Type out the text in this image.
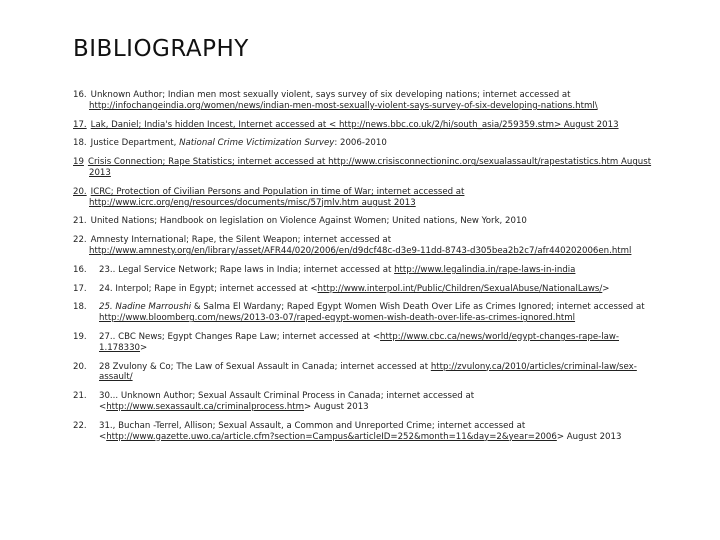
BIBLIOGRAPHY
16. Unknown Author; Indian men most sexually violent, says survey of six developing nations; internet accessed at http://infochangeindia.org/women/news/indian-men-most-sexually-violent-says-survey-of-six-developing-nations.html\
17. Lak, Daniel; India's hidden Incest, Internet accessed at < http://news.bbc.co.uk/2/hi/south_asia/259359.stm> August 2013
18. Justice Department, National Crime Victimization Survey: 2006-2010
19 Crisis Connection; Rape Statistics; internet accessed at http://www.crisisconnectioninc.org/sexualassault/rapestatistics.htm August 2013
20. ICRC; Protection of Civilian Persons and Population in time of War; internet accessed at http://www.icrc.org/eng/resources/documents/misc/57jmlv.htm august 2013
21. United Nations; Handbook on legislation on Violence Against Women; United nations, New York, 2010
22. Amnesty International; Rape, the Silent Weapon; internet accessed at http://www.amnesty.org/en/library/asset/AFR44/020/2006/en/d9dcf48c-d3e9-11dd-8743-d305bea2b2c7/afr440202006en.html
16. 23.. Legal Service Network; Rape laws in India; internet accessed at http://www.legalindia.in/rape-laws-in-india
17. 24. Interpol; Rape in Egypt; internet accessed at <http://www.interpol.int/Public/Children/SexualAbuse/NationalLaws/>
18. 25. Nadine Marroushi & Salma El Wardany; Raped Egypt Women Wish Death Over Life as Crimes Ignored; internet accessed at http://www.bloomberg.com/news/2013-03-07/raped-egypt-women-wish-death-over-life-as-crimes-ignored.html
19. 27.. CBC News; Egypt Changes Rape Law; internet accessed at <http://www.cbc.ca/news/world/egypt-changes-rape-law-1.178330>
20. 28 Zvulony & Co; The Law of Sexual Assault in Canada; internet accessed at http://zvulony.ca/2010/articles/criminal-law/sex-assault/
21. 30... Unknown Author; Sexual Assault Criminal Process in Canada; internet accessed at <http://www.sexassault.ca/criminalprocess.htm> August 2013
22. 31., Buchan -Terrel, Allison; Sexual Assault, a Common and Unreported Crime; internet accessed at <http://www.gazette.uwo.ca/article.cfm?section=Campus&articleID=252&month=11&day=2&year=2006> August 2013
